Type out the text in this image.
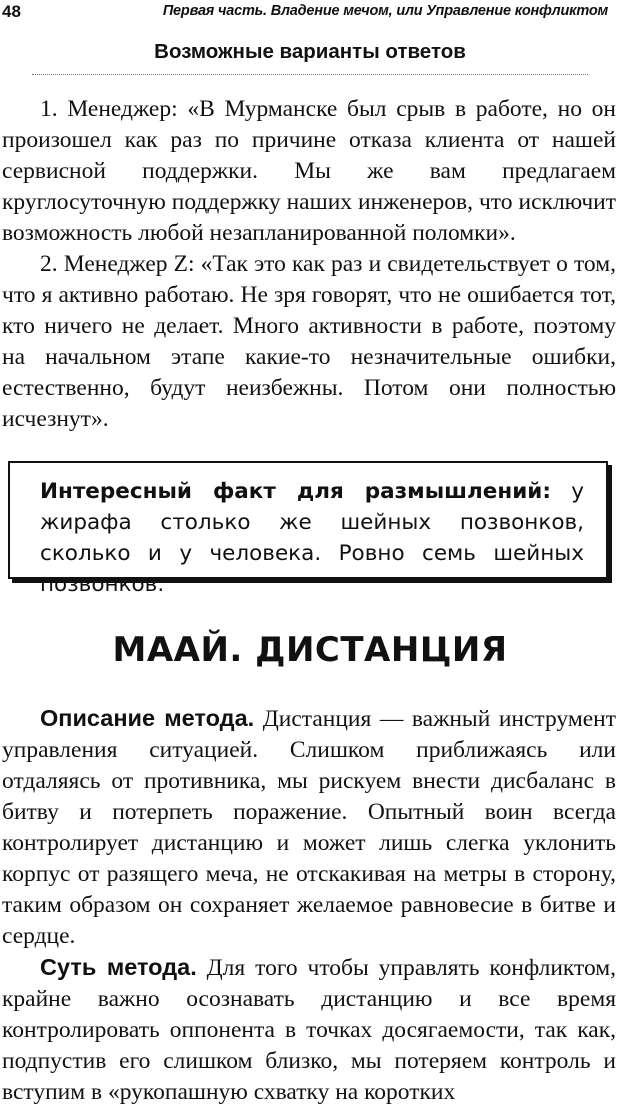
48	Первая часть. Владение мечом, или Управление конфликтом
Возможные варианты ответов

1. Менеджер: «В Мурманске был срыв в работе, но он произошел как раз по причине отказа клиента от нашей сервисной поддержки. Мы же вам предлагаем круглосуточную поддержку наших инженеров, что исключит возможность любой незапланированной поломки».

2. Менеджер Z: «Так это как раз и свидетельствует о том, что я активно работаю. Не зря говорят, что не ошибается тот, кто ничего не делает. Много активности в работе, поэтому на начальном этапе какие-то незначительные ошибки, естественно, будут неизбежны. Потом они полностью исчезнут».

Интересный факт для размышлений: у жирафа столько же шейных позвонков, сколько и у человека. Ровно семь шейных позвонков.
МААЙ. ДИСТАНЦИЯ

Описание метода. Дистанция — важный инструмент управления ситуацией. Слишком приближаясь или отдаляясь от противника, мы рискуем внести дисбаланс в битву и потерпеть поражение. Опытный воин всегда контролирует дистанцию и может лишь слегка уклонить корпус от разящего меча, не отскакивая на метры в сторону, таким образом он сохраняет желаемое равновесие в битве и сердце.

Суть метода. Для того чтобы управлять конфликтом, крайне важно осознавать дистанцию и все время контролировать оппонента в точках досягаемости, так как, подпустив его слишком близко, мы потеряем контроль и вступим в «рукопашную схватку на коротких
